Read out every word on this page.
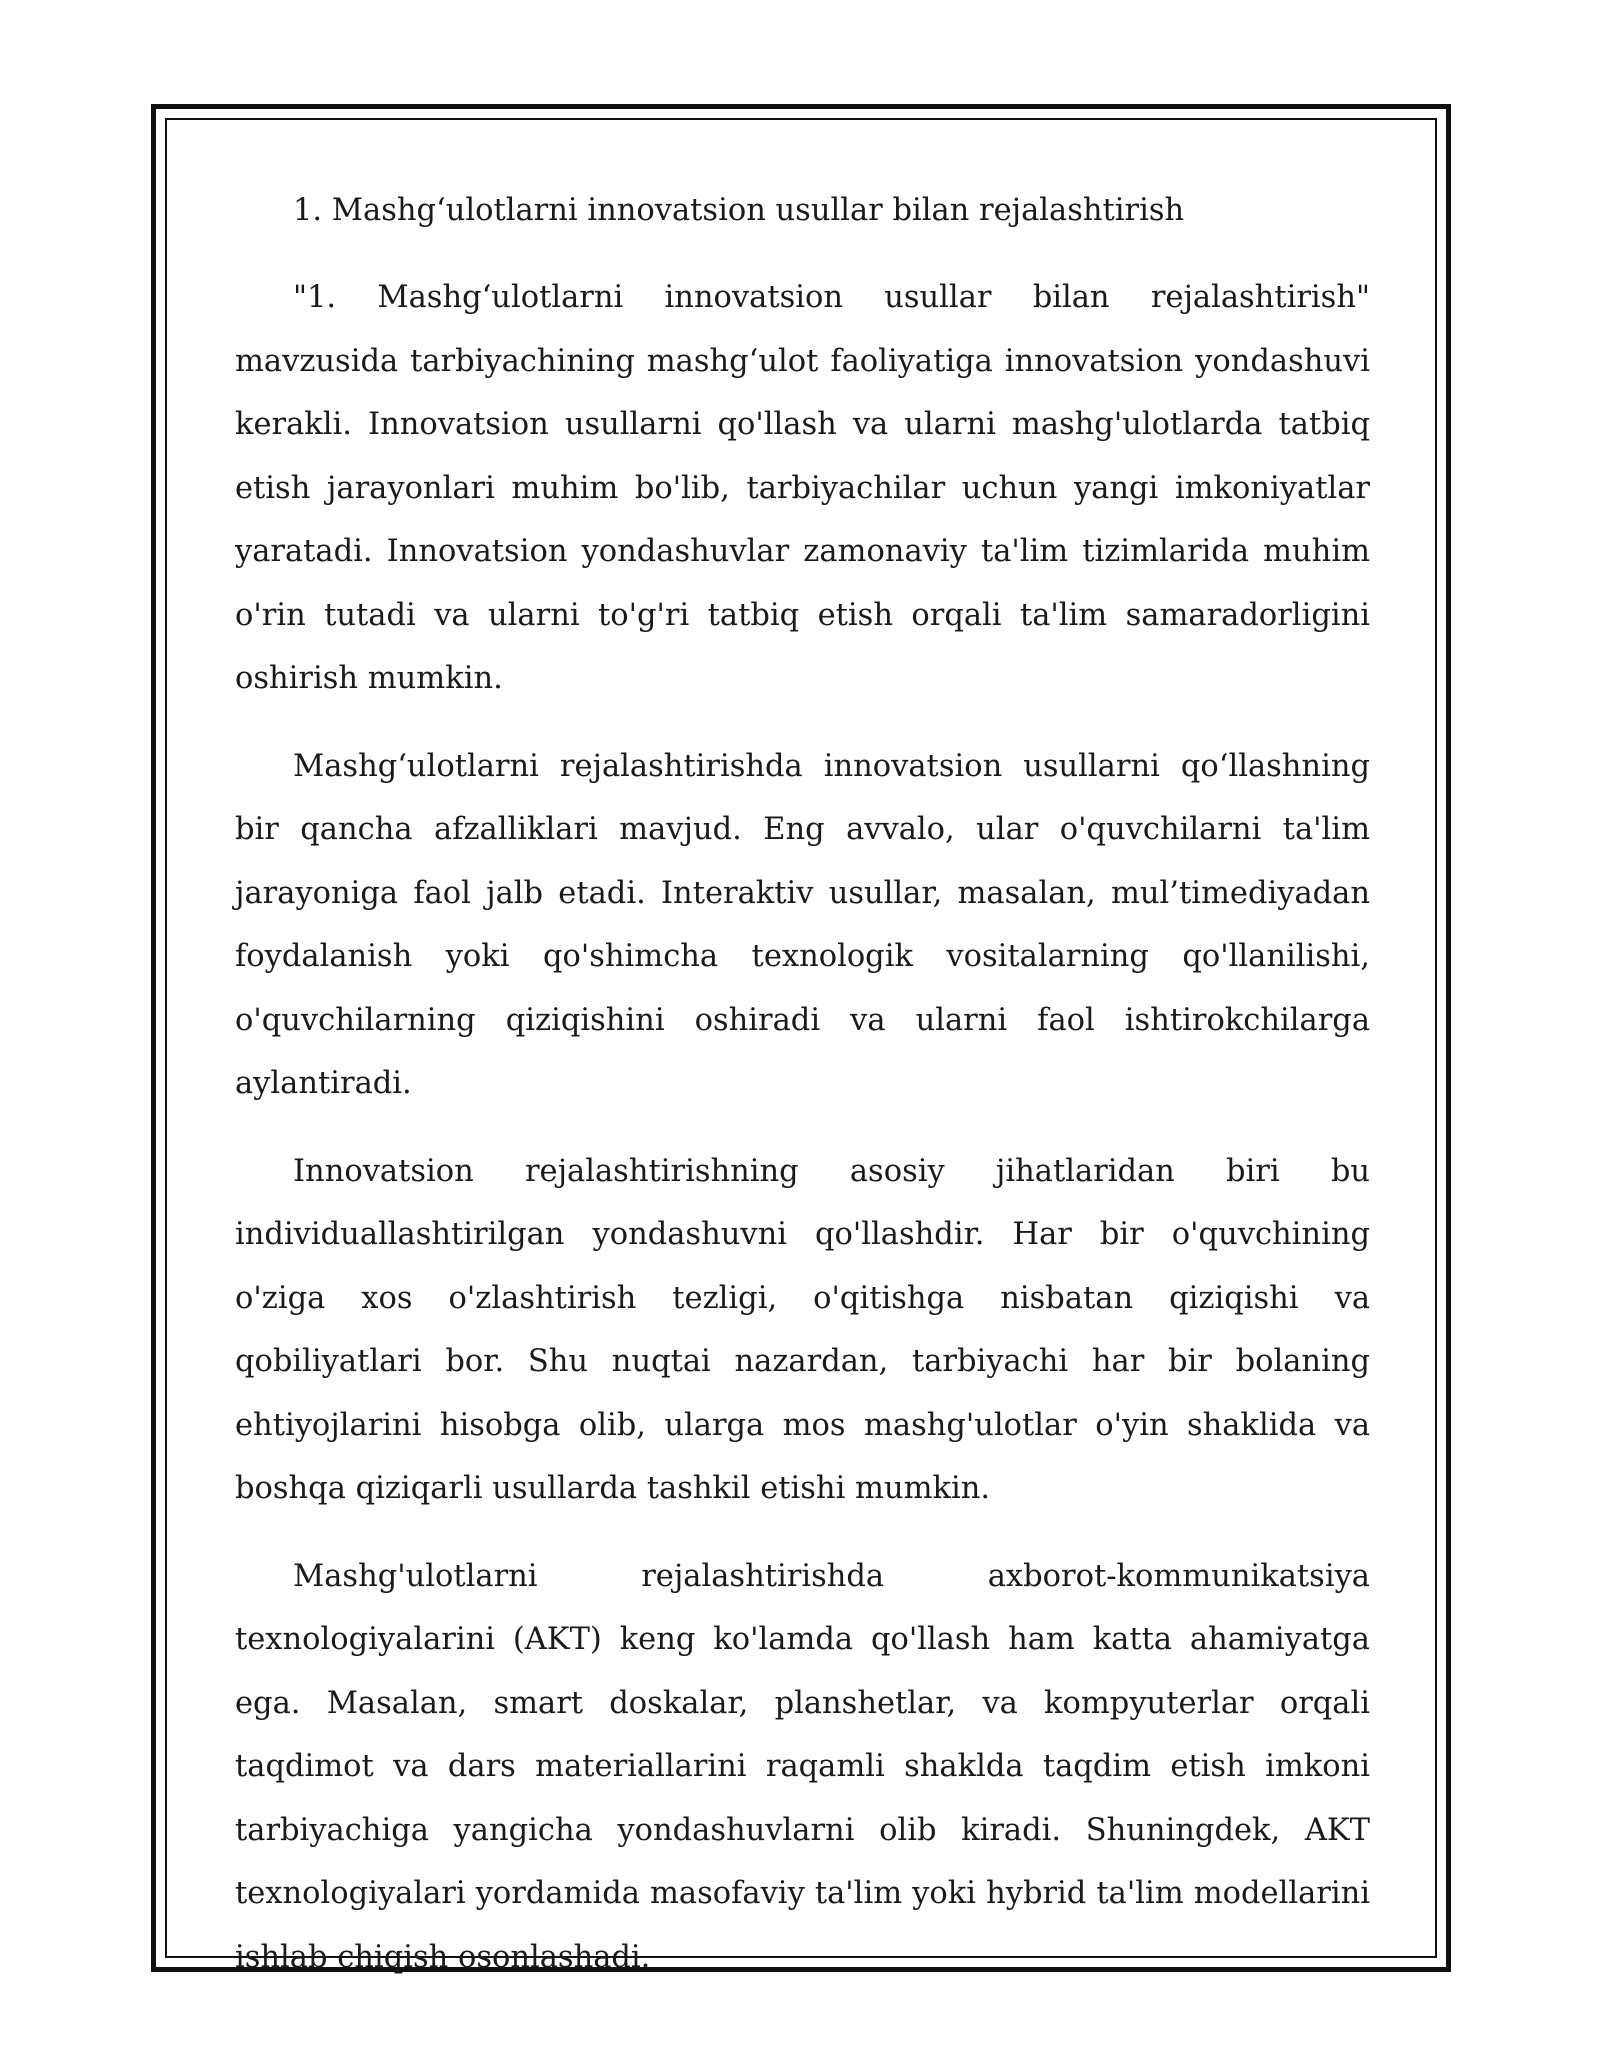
1. Mashg‘ulotlarni innovatsion usullar bilan rejalashtirish

"1. Mashg‘ulotlarni innovatsion usullar bilan rejalashtirish" mavzusida tarbiyachining mashg‘ulot faoliyatiga innovatsion yondashuvi kerakli. Innovatsion usullarni qo'llash va ularni mashg'ulotlarda tatbiq etish jarayonlari muhim bo'lib, tarbiyachilar uchun yangi imkoniyatlar yaratadi. Innovatsion yondashuvlar zamonaviy ta'lim tizimlarida muhim o'rin tutadi va ularni to'g'ri tatbiq etish orqali ta'lim samaradorligini oshirish mumkin.

Mashg‘ulotlarni rejalashtirishda innovatsion usullarni qo‘llashning bir qancha afzalliklari mavjud. Eng avvalo, ular o'quvchilarni ta'lim jarayoniga faol jalb etadi. Interaktiv usullar, masalan, mul’timediyadan foydalanish yoki qo'shimcha texnologik vositalarning qo'llanilishi, o'quvchilarning qiziqishini oshiradi va ularni faol ishtirokchilarga aylantiradi.

Innovatsion rejalashtirishning asosiy jihatlaridan biri bu individuallashtirilgan yondashuvni qo'llashdir. Har bir o'quvchining o'ziga xos o'zlashtirish tezligi, o'qitishga nisbatan qiziqishi va qobiliyatlari bor. Shu nuqtai nazardan, tarbiyachi har bir bolaning ehtiyojlarini hisobga olib, ularga mos mashg'ulotlar o'yin shaklida va boshqa qiziqarli usullarda tashkil etishi mumkin.

Mashg'ulotlarni rejalashtirishda axborot-kommunikatsiya texnologiyalarini (AKT) keng ko'lamda qo'llash ham katta ahamiyatga ega. Masalan, smart doskalar, planshetlar, va kompyuterlar orqali taqdimot va dars materiallarini raqamli shaklda taqdim etish imkoni tarbiyachiga yangicha yondashuvlarni olib kiradi. Shuningdek, AKT texnologiyalari yordamida masofaviy ta'lim yoki hybrid ta'lim modellarini ishlab chiqish osonlashadi.
